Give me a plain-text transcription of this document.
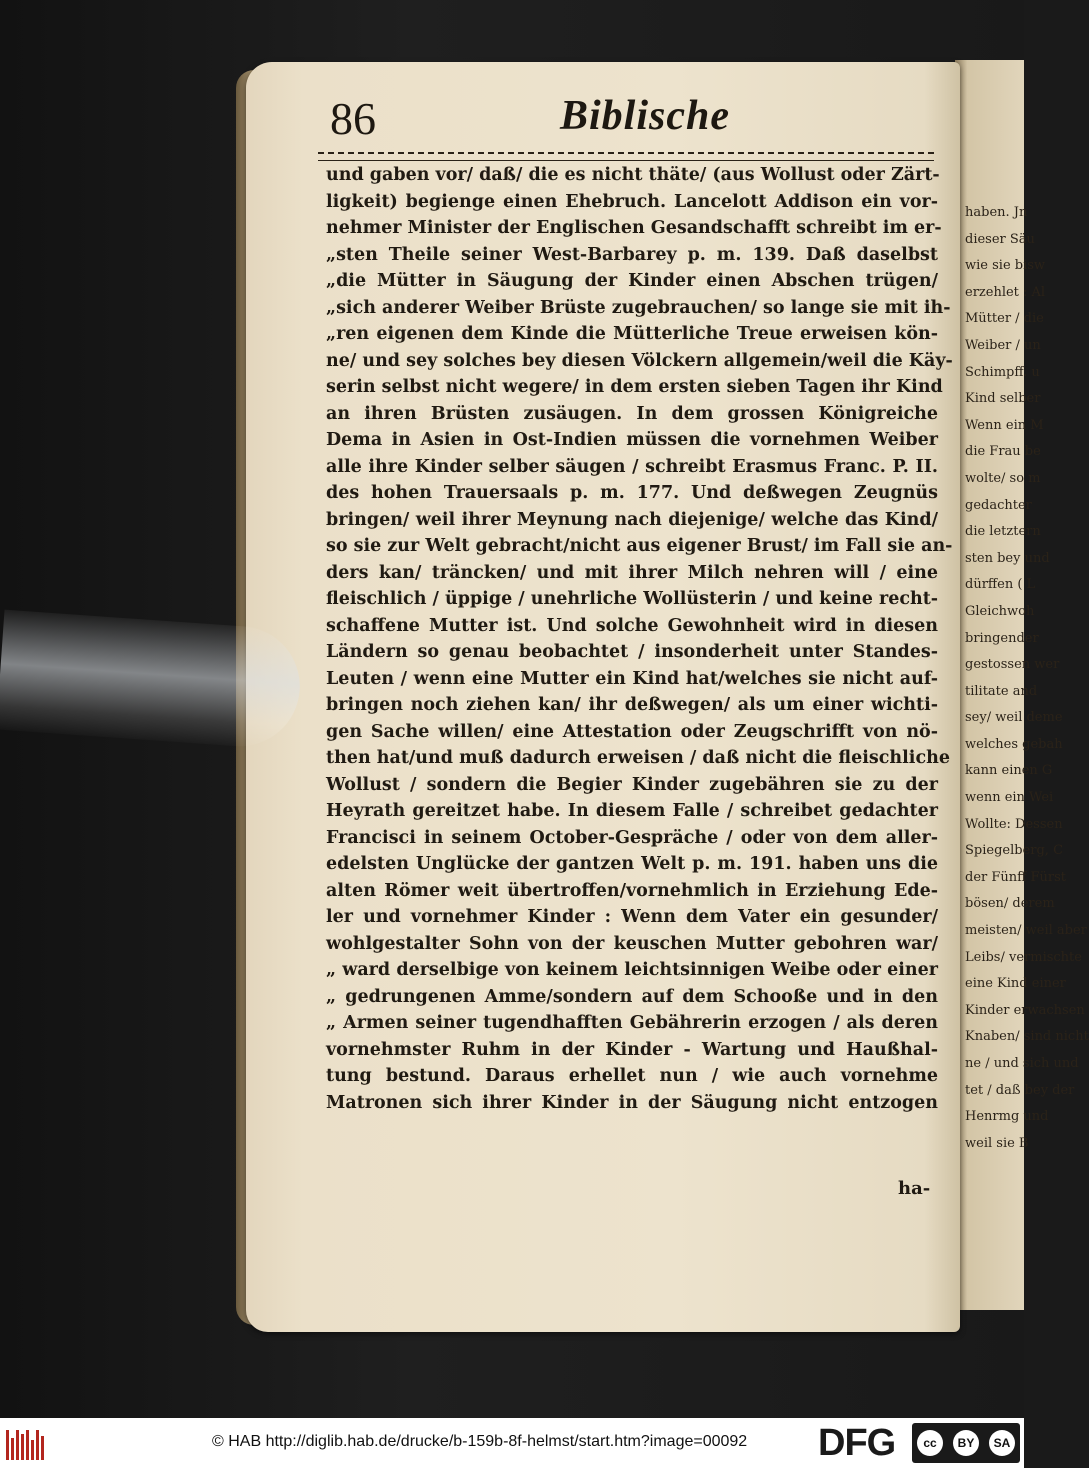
haben. Jn
dieser Säu
wie sie bisw
erzehlet : Al
Mütter / die
Weiber / un
Schimpff. u
Kind selber
Wenn ein M
die Frau be
wolte/ so m
gedachter
die letztern
sten bey und
dürffen ( L
Gleichwoh
bringender
gestossen wer
tilitate and
sey/ weil deme
welches gebah
kann einen G
wenn ein Wei
Wollte: Dessen
Spiegelberg, C
der Fünff Fürst
bösen/ derem
meisten/ weil aber
Leibs/ vermischte
eine Kind einer
Kinder erwachsen
Knaben/ sind nicht
ne / und sich und
tet / daß bey der
Henrmg und
weil sie B
86	Biblische
und gaben vor/ daß/ die es nicht thäte/ (aus Wollust oder Zärt-
ligkeit) begienge einen Ehebruch. Lancelott Addison ein vor-
nehmer Minister der Englischen Gesandschafft schreibt im er-
„sten Theile seiner West-Barbarey p. m. 139. Daß daselbst
„die Mütter in Säugung der Kinder einen Abschen trügen/
„sich anderer Weiber Brüste zugebrauchen/ so lange sie mit ih-
„ren eigenen dem Kinde die Mütterliche Treue erweisen kön-
ne/ und sey solches bey diesen Völckern allgemein/weil die Käy-
serin selbst nicht wegere/ in dem ersten sieben Tagen ihr Kind
an ihren Brüsten zusäugen. In dem grossen Königreiche
Dema in Asien in Ost-Indien müssen die vornehmen Weiber
alle ihre Kinder selber säugen / schreibt Erasmus Franc. P. II.
des hohen Trauersaals p. m. 177. Und deßwegen Zeugnüs
bringen/ weil ihrer Meynung nach diejenige/ welche das Kind/
so sie zur Welt gebracht/nicht aus eigener Brust/ im Fall sie an-
ders kan/ träncken/ und mit ihrer Milch nehren will / eine
fleischlich / üppige / unehrliche Wollüsterin / und keine recht-
schaffene Mutter ist. Und solche Gewohnheit wird in diesen
Ländern so genau beobachtet / insonderheit unter Standes-
Leuten / wenn eine Mutter ein Kind hat/welches sie nicht auf-
bringen noch ziehen kan/ ihr deßwegen/ als um einer wichti-
gen Sache willen/ eine Attestation oder Zeugschrifft von nö-
then hat/und muß dadurch erweisen / daß nicht die fleischliche
Wollust / sondern die Begier Kinder zugebähren sie zu der
Heyrath gereitzet habe. In diesem Falle / schreibet gedachter
Francisci in seinem October-Gespräche / oder von dem aller-
edelsten Unglücke der gantzen Welt p. m. 191. haben uns die
alten Römer weit übertroffen/vornehmlich in Erziehung Ede-
ler und vornehmer Kinder : Wenn dem Vater ein gesunder/
wohlgestalter Sohn von der keuschen Mutter gebohren war/
„ ward derselbige von keinem leichtsinnigen Weibe oder einer
„ gedrungenen Amme/sondern auf dem Schooße und in den
„ Armen seiner tugendhafften Gebährerin erzogen / als deren
vornehmster Ruhm in der Kinder - Wartung und Haußhal-
tung bestund. Daraus erhellet nun / wie auch vornehme
Matronen sich ihrer Kinder in der Säugung nicht entzogen
ha-
© HAB http://diglib.hab.de/drucke/b-159b-8f-helmst/start.htm?image=00092 DFG	cc	BY	SA
